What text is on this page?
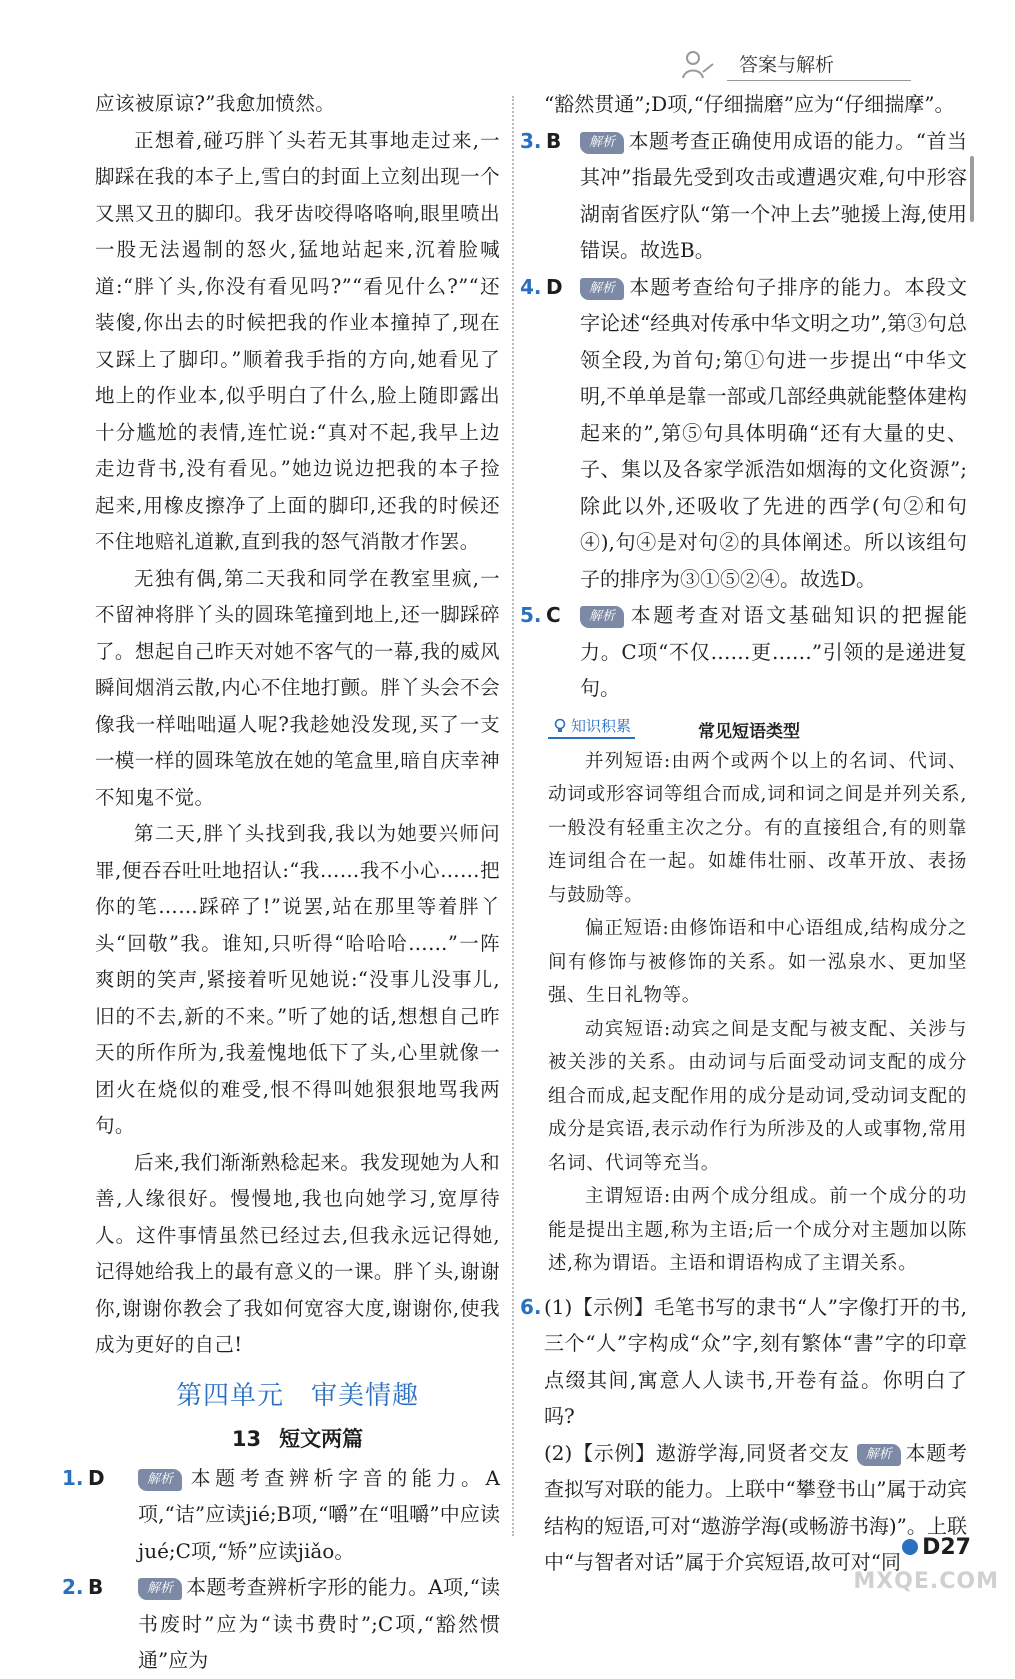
答案与解析

应该被原谅?”我愈加愤然。

正想着,碰巧胖丫头若无其事地走过来,一脚踩在我的本子上,雪白的封面上立刻出现一个又黑又丑的脚印。我牙齿咬得咯咯响,眼里喷出一股无法遏制的怒火,猛地站起来,沉着脸喊道:“胖丫头,你没有看见吗?”“看见什么?”“还装傻,你出去的时候把我的作业本撞掉了,现在又踩上了脚印。”顺着我手指的方向,她看见了地上的作业本,似乎明白了什么,脸上随即露出十分尴尬的表情,连忙说:“真对不起,我早上边走边背书,没有看见。”她边说边把我的本子捡起来,用橡皮擦净了上面的脚印,还我的时候还不住地赔礼道歉,直到我的怒气消散才作罢。

无独有偶,第二天我和同学在教室里疯,一不留神将胖丫头的圆珠笔撞到地上,还一脚踩碎了。想起自己昨天对她不客气的一幕,我的威风瞬间烟消云散,内心不住地打颤。胖丫头会不会像我一样咄咄逼人呢?我趁她没发现,买了一支一模一样的圆珠笔放在她的笔盒里,暗自庆幸神不知鬼不觉。

第二天,胖丫头找到我,我以为她要兴师问罪,便吞吞吐吐地招认:“我……我不小心……把你的笔……踩碎了!”说罢,站在那里等着胖丫头“回敬”我。谁知,只听得“哈哈哈……”一阵爽朗的笑声,紧接着听见她说:“没事儿没事儿,旧的不去,新的不来。”听了她的话,想想自己昨天的所作所为,我羞愧地低下了头,心里就像一团火在烧似的难受,恨不得叫她狠狠地骂我两句。

后来,我们渐渐熟稔起来。我发现她为人和善,人缘很好。慢慢地,我也向她学习,宽厚待人。这件事情虽然已经过去,但我永远记得她,记得她给我上的最有意义的一课。胖丫头,谢谢你,谢谢你教会了我如何宽容大度,谢谢你,使我成为更好的自己!

第四单元　审美情趣
13 短文两篇
1. D	解析 本题考查辨析字音的能力。A项,“诘”应读jié;B项,“嚼”在“咀嚼”中应读jué;C项,“矫”应读jiǎo。
2. B	解析 本题考查辨析字形的能力。A项,“读书废时”应为“读书费时”;C项,“豁然惯通”应为

“豁然贯通”;D项,“仔细揣磨”应为“仔细揣摩”。

3. B 解析 本题考查正确使用成语的能力。“首当其冲”指最先受到攻击或遭遇灾难,句中形容湖南省医疗队“第一个冲上去”驰援上海,使用错误。故选B。
4. D 解析 本题考查给句子排序的能力。本段文字论述“经典对传承中华文明之功”,第③句总领全段,为首句;第①句进一步提出“中华文明,不单单是靠一部或几部经典就能整体建构起来的”,第⑤句具体明确“还有大量的史、子、集以及各家学派浩如烟海的文化资源”;除此以外,还吸收了先进的西学(句②和句④),句④是对句②的具体阐述。所以该组句子的排序为③①⑤②④。故选D。
5. C 解析 本题考查对语文基础知识的把握能力。C项“不仅……更……”引领的是递进复句。
知识积累	常见短语类型

并列短语:由两个或两个以上的名词、代词、动词或形容词等组合而成,词和词之间是并列关系,一般没有轻重主次之分。有的直接组合,有的则靠连词组合在一起。如雄伟壮丽、改革开放、表扬与鼓励等。

偏正短语:由修饰语和中心语组成,结构成分之间有修饰与被修饰的关系。如一泓泉水、更加坚强、生日礼物等。

动宾短语:动宾之间是支配与被支配、关涉与被关涉的关系。由动词与后面受动词支配的成分组合而成,起支配作用的成分是动词,受动词支配的成分是宾语,表示动作行为所涉及的人或事物,常用名词、代词等充当。

主谓短语:由两个成分组成。前一个成分的功能是提出主题,称为主语;后一个成分对主题加以陈述,称为谓语。主语和谓语构成了主谓关系。

6. (1)【示例】毛笔书写的隶书“人”字像打开的书,三个“人”字构成“众”字,刻有繁体“書”字的印章点缀其间,寓意人人读书,开卷有益。你明白了吗?
(2)【示例】遨游学海,同贤者交友 解析 本题考查拟写对联的能力。上联中“攀登书山”属于动宾结构的短语,可对“遨游学海(或畅游书海)”。上联中“与智者对话”属于介宾短语,故可对“同
D27
MXQE.COM
